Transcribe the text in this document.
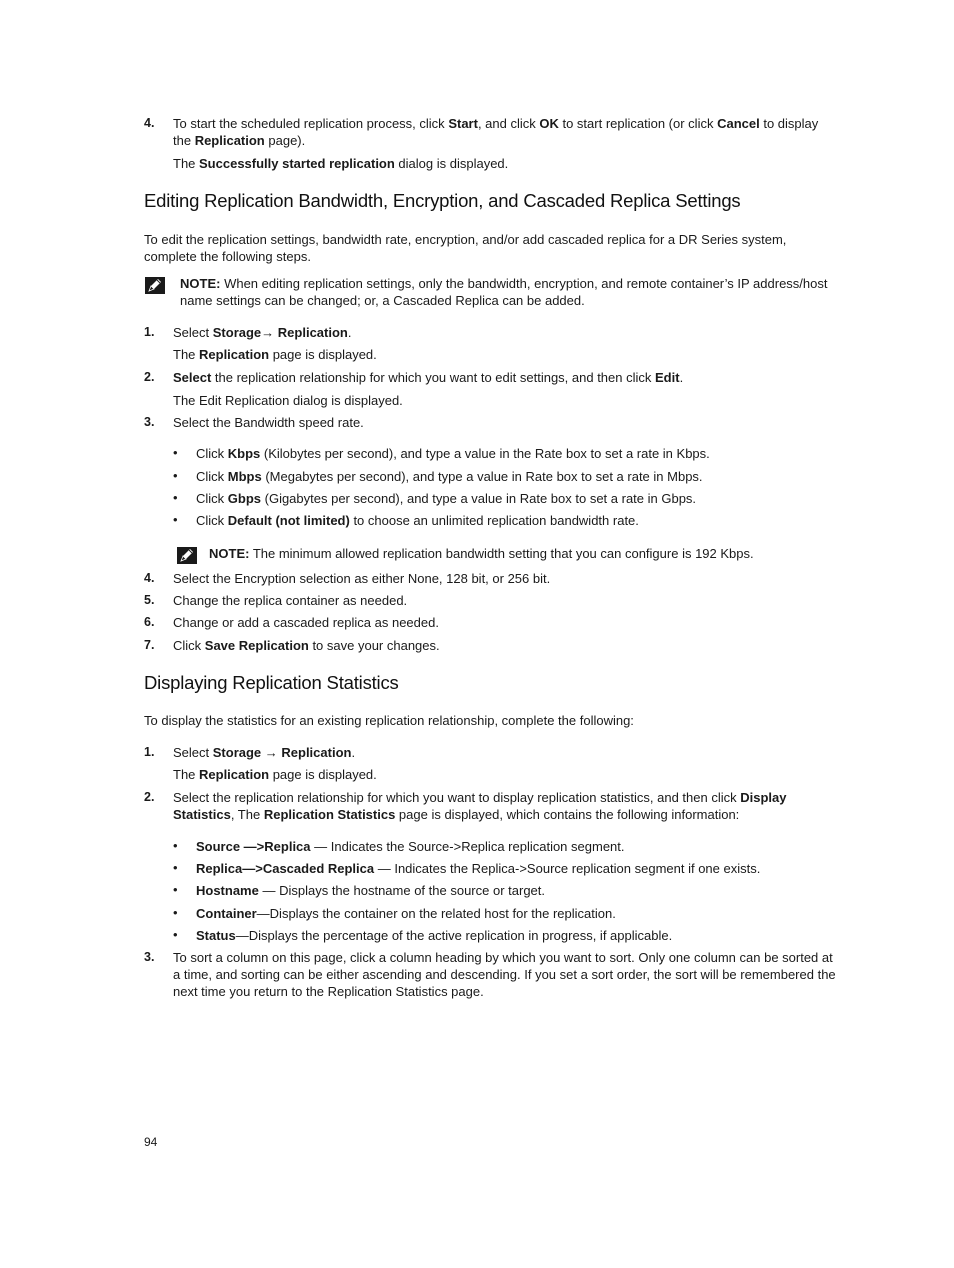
4. To start the scheduled replication process, click Start, and click OK to start replication (or click Cancel to display
the Replication page).
The Successfully started replication dialog is displayed.
Editing Replication Bandwidth, Encryption, and Cascaded Replica Settings
To edit the replication settings, bandwidth rate, encryption, and/or add cascaded replica for a DR Series system,
complete the following steps.
NOTE: When editing replication settings, only the bandwidth, encryption, and remote container’s IP address/host
name settings can be changed; or, a Cascaded Replica can be added.
1. Select Storage→ Replication.
The Replication page is displayed.
2. Select the replication relationship for which you want to edit settings, and then click Edit.
The Edit Replication dialog is displayed.
3. Select the Bandwidth speed rate.
• Click Kbps (Kilobytes per second), and type a value in the Rate box to set a rate in Kbps.
• Click Mbps (Megabytes per second), and type a value in Rate box to set a rate in Mbps.
• Click Gbps (Gigabytes per second), and type a value in Rate box to set a rate in Gbps.
• Click Default (not limited) to choose an unlimited replication bandwidth rate.
NOTE: The minimum allowed replication bandwidth setting that you can configure is 192 Kbps.
4. Select the Encryption selection as either None, 128 bit, or 256 bit.
5. Change the replica container as needed.
6. Change or add a cascaded replica as needed.
7. Click Save Replication to save your changes.
Displaying Replication Statistics
To display the statistics for an existing replication relationship, complete the following:
1. Select Storage → Replication.
The Replication page is displayed.
2. Select the replication relationship for which you want to display replication statistics, and then click Display
Statistics, The Replication Statistics page is displayed, which contains the following information:
• Source —>Replica — Indicates the Source->Replica replication segment.
• Replica—>Cascaded Replica — Indicates the Replica->Source replication segment if one exists.
• Hostname — Displays the hostname of the source or target.
• Container—Displays the container on the related host for the replication.
• Status—Displays the percentage of the active replication in progress, if applicable.
3. To sort a column on this page, click a column heading by which you want to sort. Only one column can be sorted at
a time, and sorting can be either ascending and descending. If you set a sort order, the sort will be remembered the
next time you return to the Replication Statistics page.
94
